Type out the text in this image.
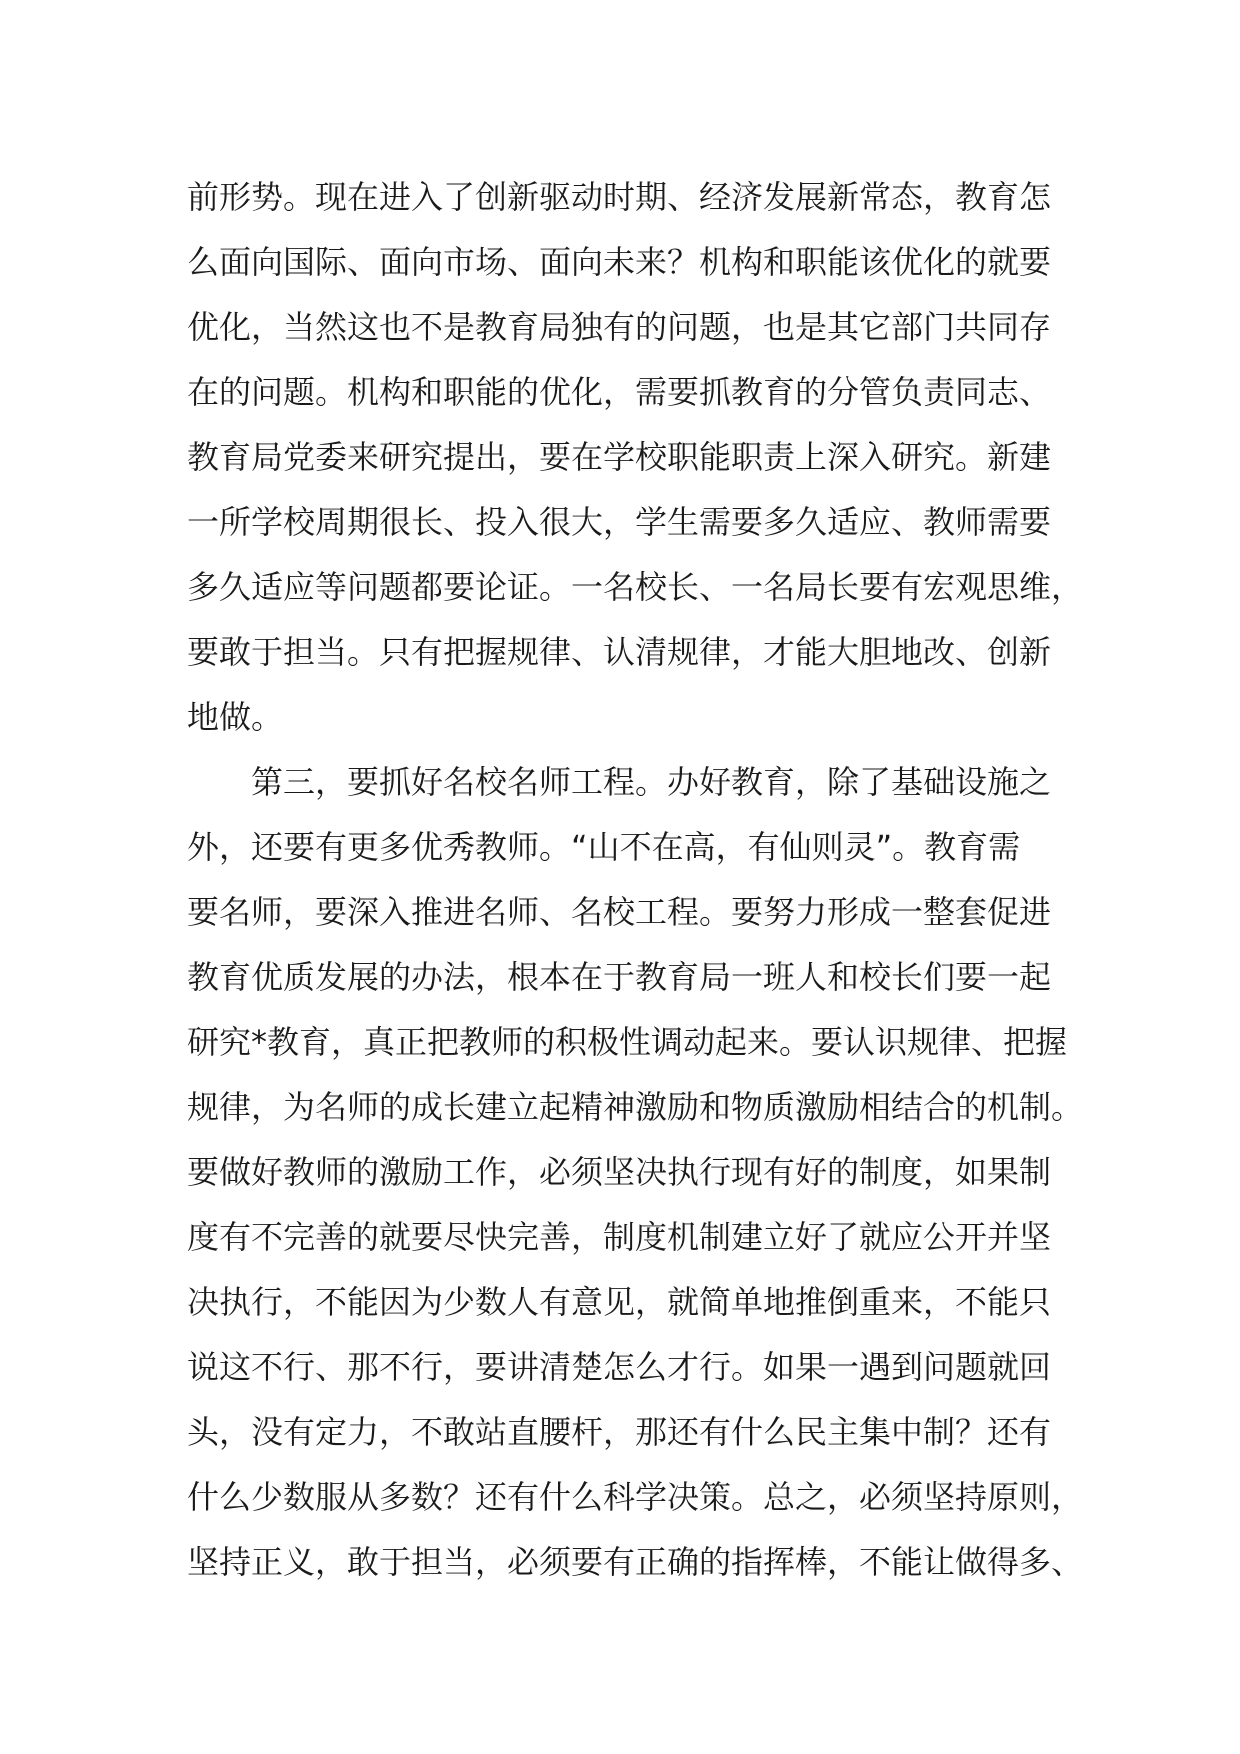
前形势。现在进入了创新驱动时期、经济发展新常态，教育怎

么面向国际、面向市场、面向未来？机构和职能该优化的就要

优化，当然这也不是教育局独有的问题，也是其它部门共同存

在的问题。机构和职能的优化，需要抓教育的分管负责同志、

教育局党委来研究提出，要在学校职能职责上深入研究。新建

一所学校周期很长、投入很大，学生需要多久适应、教师需要

多久适应等问题都要论证。一名校长、一名局长要有宏观思维，

要敢于担当。只有把握规律、认清规律，才能大胆地改、创新

地做。

第三，要抓好名校名师工程。办好教育，除了基础设施之

外，还要有更多优秀教师。“山不在高，有仙则灵”。教育需

要名师，要深入推进名师、名校工程。要努力形成一整套促进

教育优质发展的办法，根本在于教育局一班人和校长们要一起

研究*教育，真正把教师的积极性调动起来。要认识规律、把握

规律，为名师的成长建立起精神激励和物质激励相结合的机制。

要做好教师的激励工作，必须坚决执行现有好的制度，如果制

度有不完善的就要尽快完善，制度机制建立好了就应公开并坚

决执行，不能因为少数人有意见，就简单地推倒重来，不能只

说这不行、那不行，要讲清楚怎么才行。如果一遇到问题就回

头，没有定力，不敢站直腰杆，那还有什么民主集中制？还有

什么少数服从多数？还有什么科学决策。总之，必须坚持原则，

坚持正义，敢于担当，必须要有正确的指挥棒，不能让做得多、
